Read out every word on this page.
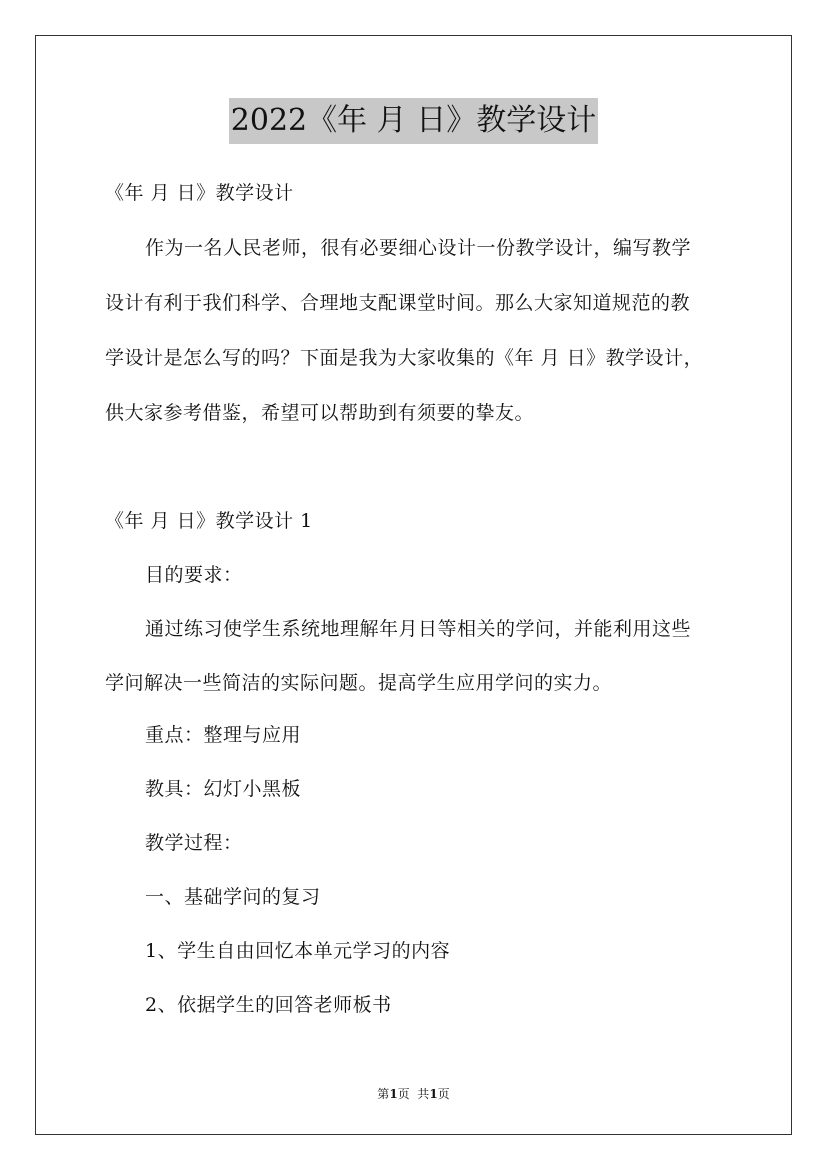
2022《年 月 日》教学设计
《年 月 日》教学设计
作为一名人民老师，很有必要细心设计一份教学设计，编写教学
设计有利于我们科学、合理地支配课堂时间。那么大家知道规范的教
学设计是怎么写的吗？下面是我为大家收集的《年 月 日》教学设计，
供大家参考借鉴，希望可以帮助到有须要的挚友。
《年 月 日》教学设计 1
目的要求：
通过练习使学生系统地理解年月日等相关的学问，并能利用这些
学问解决一些简洁的实际问题。提高学生应用学问的实力。
重点：整理与应用
教具：幻灯小黑板
教学过程：
一、基础学问的复习
1、学生自由回忆本单元学习的内容
2、依据学生的回答老师板书
第1页  共1页
